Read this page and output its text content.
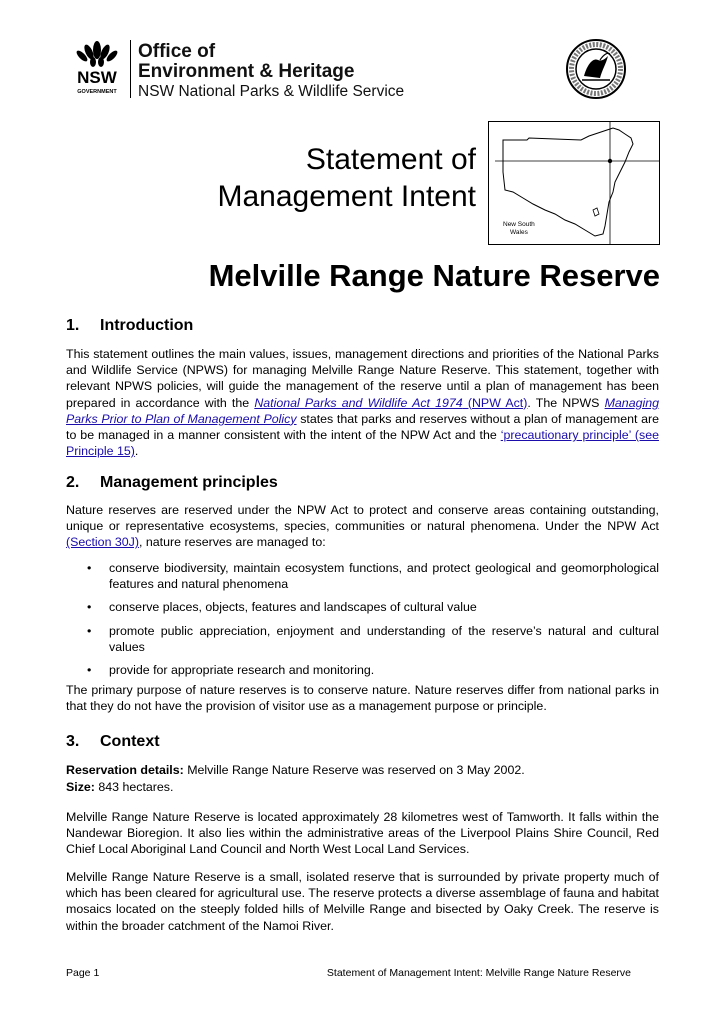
NSW
GOVERNMENT
Office of
Environment & Heritage
NSW National Parks & Wildlife Service
Statement of
Management Intent
New South
Wales
Melville Range Nature Reserve
1. Introduction

This statement outlines the main values, issues, management directions and priorities of the National Parks and Wildlife Service (NPWS) for managing Melville Range Nature Reserve. This statement, together with relevant NPWS policies, will guide the management of the reserve until a plan of management has been prepared in accordance with the National Parks and Wildlife Act 1974 (NPW Act). The NPWS Managing Parks Prior to Plan of Management Policy states that parks and reserves without a plan of management are to be managed in a manner consistent with the intent of the NPW Act and the ‘precautionary principle’ (see Principle 15).

2. Management principles

Nature reserves are reserved under the NPW Act to protect and conserve areas containing outstanding, unique or representative ecosystems, species, communities or natural phenomena. Under the NPW Act (Section 30J), nature reserves are managed to:

• conserve biodiversity, maintain ecosystem functions, and protect geological and geomorphological features and natural phenomena
• conserve places, objects, features and landscapes of cultural value
• promote public appreciation, enjoyment and understanding of the reserve’s natural and cultural values
• provide for appropriate research and monitoring.

The primary purpose of nature reserves is to conserve nature. Nature reserves differ from national parks in that they do not have the provision of visitor use as a management purpose or principle.

3. Context

Reservation details: Melville Range Nature Reserve was reserved on 3 May 2002.

Size: 843 hectares.

Melville Range Nature Reserve is located approximately 28 kilometres west of Tamworth. It falls within the Nandewar Bioregion. It also lies within the administrative areas of the Liverpool Plains Shire Council, Red Chief Local Aboriginal Land Council and North West Local Land Services.

Melville Range Nature Reserve is a small, isolated reserve that is surrounded by private property much of which has been cleared for agricultural use. The reserve protects a diverse assemblage of fauna and habitat mosaics located on the steeply folded hills of Melville Range and bisected by Oaky Creek. The reserve is within the broader catchment of the Namoi River.

Page 1	Statement of Management Intent: Melville Range Nature Reserve
